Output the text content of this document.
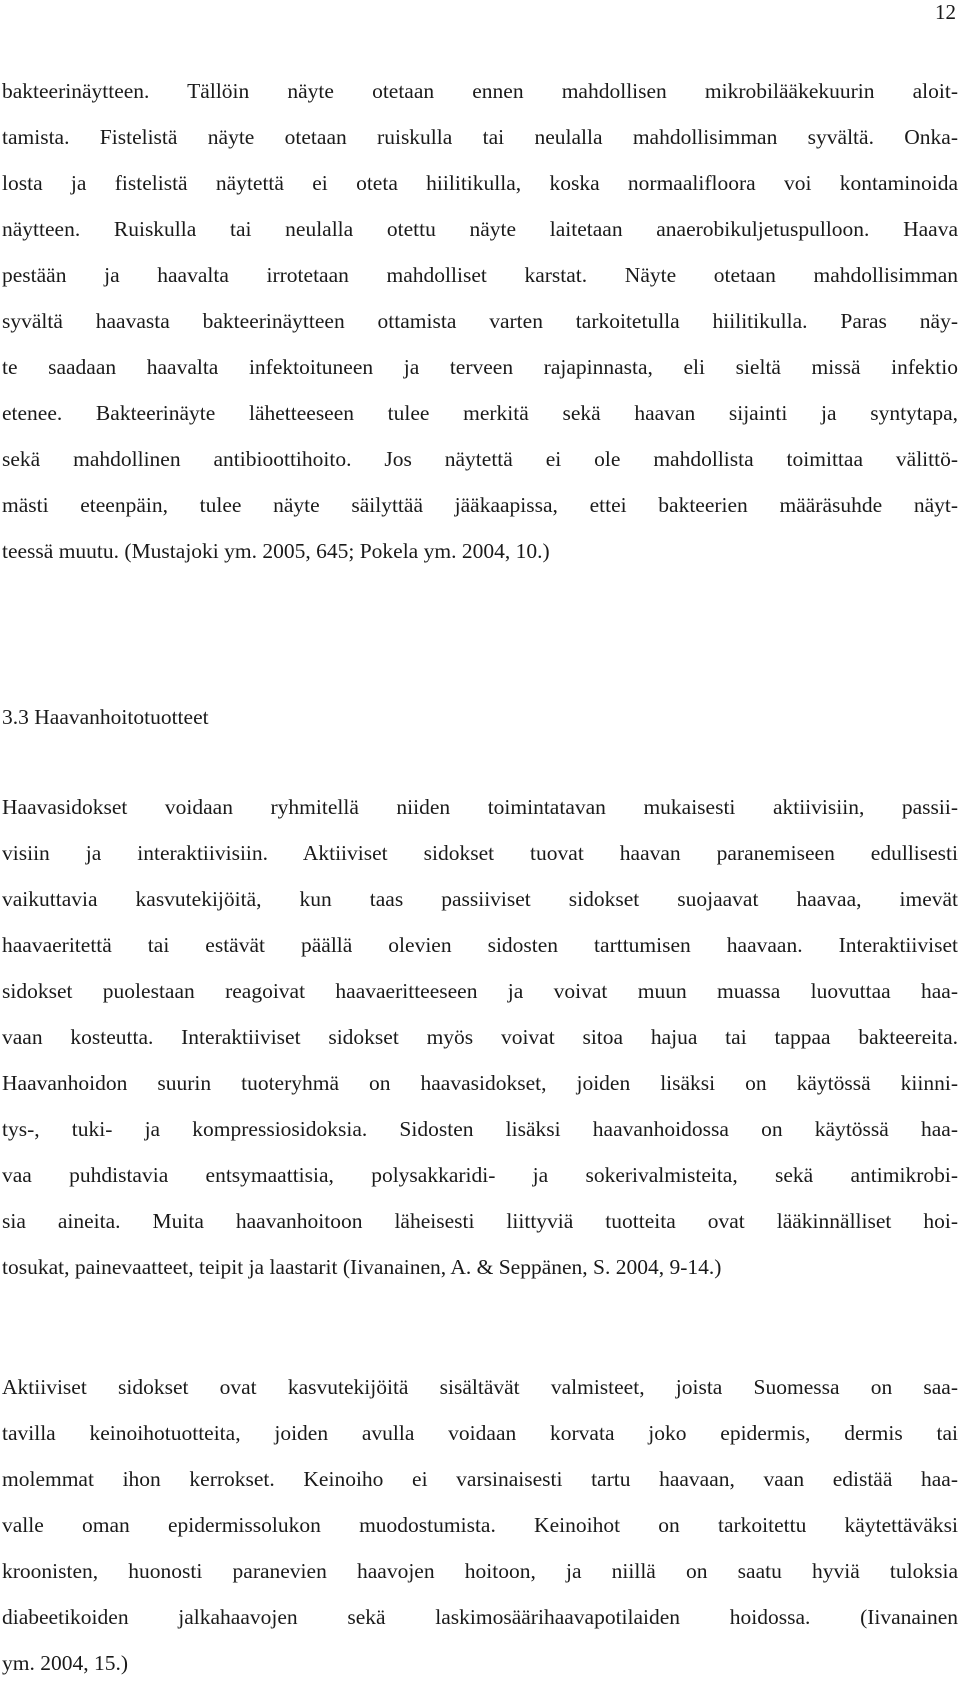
12
bakteerinäytteen. Tällöin näyte otetaan ennen mahdollisen mikrobilääkekuurin aloit-
tamista. Fistelistä näyte otetaan ruiskulla tai neulalla mahdollisimman syvältä. Onka-
losta ja fistelistä näytettä ei oteta hiilitikulla, koska normaalifloora voi kontaminoida
näytteen. Ruiskulla tai neulalla otettu näyte laitetaan anaerobikuljetuspulloon. Haava
pestään ja haavalta irrotetaan mahdolliset karstat. Näyte otetaan mahdollisimman
syvältä haavasta bakteerinäytteen ottamista varten tarkoitetulla hiilitikulla. Paras näy-
te saadaan haavalta infektoituneen ja terveen rajapinnasta, eli sieltä missä infektio
etenee. Bakteerinäyte lähetteeseen tulee merkitä sekä haavan sijainti ja syntytapa,
sekä mahdollinen antibioottihoito. Jos näytettä ei ole mahdollista toimittaa välittö-
mästi eteenpäin, tulee näyte säilyttää jääkaapissa, ettei bakteerien määräsuhde näyt-
teessä muutu. (Mustajoki ym. 2005, 645; Pokela ym. 2004, 10.)
3.3 Haavanhoitotuotteet
Haavasidokset voidaan ryhmitellä niiden toimintatavan mukaisesti aktiivisiin, passii-
visiin ja interaktiivisiin. Aktiiviset sidokset tuovat haavan paranemiseen edullisesti
vaikuttavia kasvutekijöitä, kun taas passiiviset sidokset suojaavat haavaa, imevät
haavaeritettä tai estävät päällä olevien sidosten tarttumisen haavaan. Interaktiiviset
sidokset puolestaan reagoivat haavaeritteeseen ja voivat muun muassa luovuttaa haa-
vaan kosteutta. Interaktiiviset sidokset myös voivat sitoa hajua tai tappaa bakteereita.
Haavanhoidon suurin tuoteryhmä on haavasidokset, joiden lisäksi on käytössä kiinni-
tys-, tuki- ja kompressiosidoksia. Sidosten lisäksi haavanhoidossa on käytössä haa-
vaa puhdistavia entsymaattisia, polysakkaridi- ja sokerivalmisteita, sekä antimikrobi-
sia aineita. Muita haavanhoitoon läheisesti liittyviä tuotteita ovat lääkinnälliset hoi-
tosukat, painevaatteet, teipit ja laastarit (Iivanainen, A. & Seppänen, S. 2004, 9-14.)
Aktiiviset sidokset ovat kasvutekijöitä sisältävät valmisteet, joista Suomessa on saa-
tavilla keinoihotuotteita, joiden avulla voidaan korvata joko epidermis, dermis tai
molemmat ihon kerrokset. Keinoiho ei varsinaisesti tartu haavaan, vaan edistää haa-
valle oman epidermissolukon muodostumista. Keinoihot on tarkoitettu käytettäväksi
kroonisten, huonosti paranevien haavojen hoitoon, ja niillä on saatu hyviä tuloksia
diabeetikoiden jalkahaavojen sekä laskimosäärihaavapotilaiden hoidossa. (Iivanainen
ym. 2004, 15.)
